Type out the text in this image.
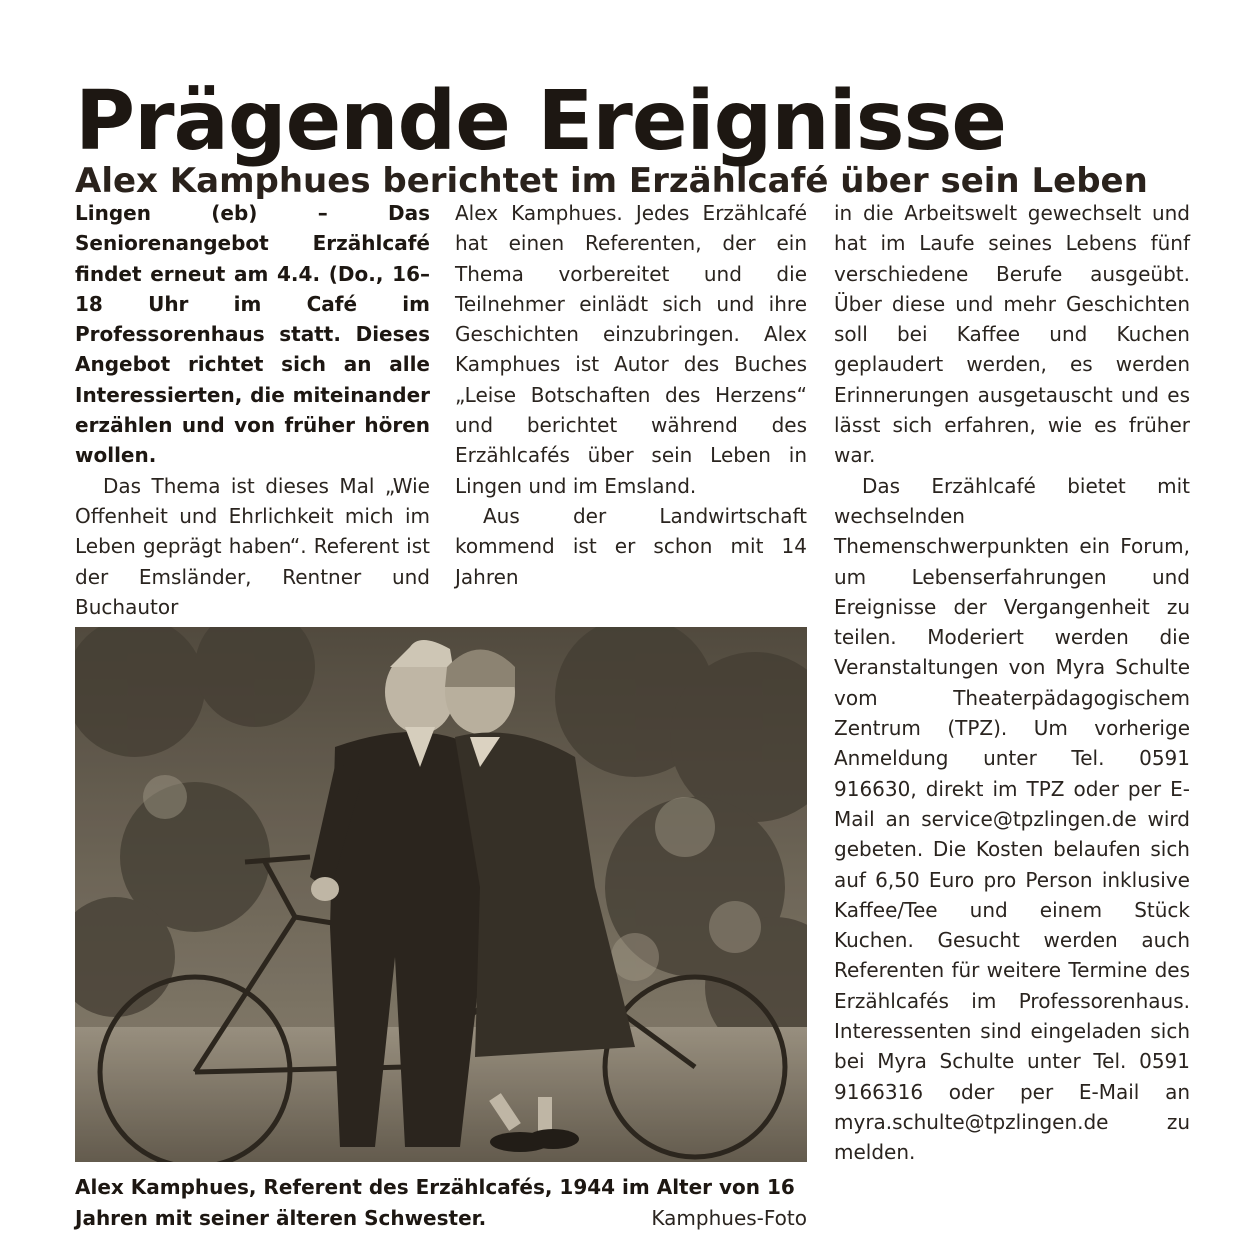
Prägende Ereignisse
Alex Kamphues berichtet im Erzählcafé über sein Leben

Lingen (eb) – Das Seniorenangebot Erzählcafé findet erneut am 4.4. (Do., 16–18 Uhr im Café im Professorenhaus statt. Dieses Angebot richtet sich an alle Interessierten, die miteinander erzählen und von früher hören wollen.

Das Thema ist dieses Mal „Wie Offenheit und Ehrlichkeit mich im Leben geprägt haben“. Referent ist der Emsländer, Rentner und Buchautor

Alex Kamphues. Jedes Erzählcafé hat einen Referenten, der ein Thema vorbereitet und die Teilnehmer einlädt sich und ihre Geschichten einzubringen. Alex Kamphues ist Autor des Buches „Leise Botschaften des Herzens“ und berichtet während des Erzählcafés über sein Leben in Lingen und im Emsland.

Aus der Landwirtschaft kommend ist er schon mit 14 Jahren

in die Arbeitswelt gewechselt und hat im Laufe seines Lebens fünf verschiedene Berufe ausgeübt. Über diese und mehr Geschichten soll bei Kaffee und Kuchen geplaudert werden, es werden Erinnerungen ausgetauscht und es lässt sich erfahren, wie es früher war.

Das Erzählcafé bietet mit wechselnden Themenschwerpunkten ein Forum, um Lebenserfahrungen und Ereignisse der Vergangenheit zu teilen. Moderiert werden die Veranstaltungen von Myra Schulte vom Theaterpädagogischem Zentrum (TPZ). Um vorherige Anmeldung unter Tel. 0591 916630, direkt im TPZ oder per E-Mail an service@tpzlingen.de wird gebeten. Die Kosten belaufen sich auf 6,50 Euro pro Person inklusive Kaffee/Tee und einem Stück Kuchen. Gesucht werden auch Referenten für weitere Termine des Erzählcafés im Professorenhaus. Interessenten sind eingeladen sich bei Myra Schulte unter Tel. 0591 9166316 oder per E-Mail an myra.schulte@tpzlingen.de zu melden.

Alex Kamphues, Referent des Erzählcafés, 1944 im Alter von 16 Jahren mit seiner älteren Schwester.	Kamphues-Foto
